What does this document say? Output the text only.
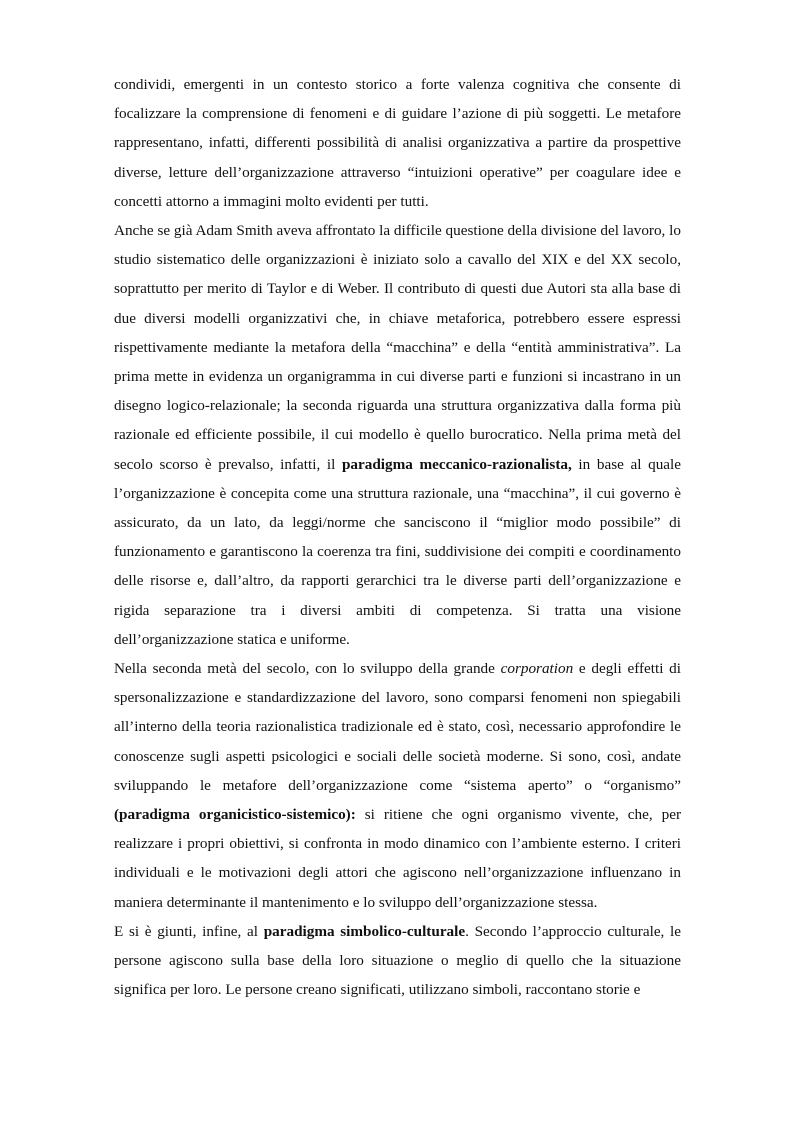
condividi, emergenti in un contesto storico a forte valenza cognitiva che consente di focalizzare la comprensione di fenomeni e di guidare l’azione di più soggetti. Le metafore rappresentano, infatti, differenti possibilità di analisi organizzativa a partire da prospettive diverse, letture dell’organizzazione attraverso “intuizioni operative” per coagulare idee e concetti attorno a immagini molto evidenti per tutti.

Anche se già Adam Smith aveva affrontato la difficile questione della divisione del lavoro, lo studio sistematico delle organizzazioni è iniziato solo a cavallo del XIX e del XX secolo, soprattutto per merito di Taylor e di Weber. Il contributo di questi due Autori sta alla base di due diversi modelli organizzativi che, in chiave metaforica, potrebbero essere espressi rispettivamente mediante la metafora della “macchina” e della “entità amministrativa”. La prima mette in evidenza un organigramma in cui diverse parti e funzioni si incastrano in un disegno logico-relazionale; la seconda riguarda una struttura organizzativa dalla forma più razionale ed efficiente possibile, il cui modello è quello burocratico. Nella prima metà del secolo scorso è prevalso, infatti, il paradigma meccanico-razionalista, in base al quale l’organizzazione è concepita come una struttura razionale, una “macchina”, il cui governo è assicurato, da un lato, da leggi/norme che sanciscono il “miglior modo possibile” di funzionamento e garantiscono la coerenza tra fini, suddivisione dei compiti e coordinamento delle risorse e, dall’altro, da rapporti gerarchici tra le diverse parti dell’organizzazione e rigida separazione tra i diversi ambiti di competenza. Si tratta una visione dell’organizzazione statica e uniforme.

Nella seconda metà del secolo, con lo sviluppo della grande corporation e degli effetti di spersonalizzazione e standardizzazione del lavoro, sono comparsi fenomeni non spiegabili all’interno della teoria razionalistica tradizionale ed è stato, così, necessario approfondire le conoscenze sugli aspetti psicologici e sociali delle società moderne. Si sono, così, andate sviluppando le metafore dell’organizzazione come “sistema aperto” o “organismo” (paradigma organicistico-sistemico): si ritiene che ogni organismo vivente, che, per realizzare i propri obiettivi, si confronta in modo dinamico con l’ambiente esterno. I criteri individuali e le motivazioni degli attori che agiscono nell’organizzazione influenzano in maniera determinante il mantenimento e lo sviluppo dell’organizzazione stessa.

E si è giunti, infine, al paradigma simbolico-culturale. Secondo l’approccio culturale, le persone agiscono sulla base della loro situazione o meglio di quello che la situazione significa per loro. Le persone creano significati, utilizzano simboli, raccontano storie e
